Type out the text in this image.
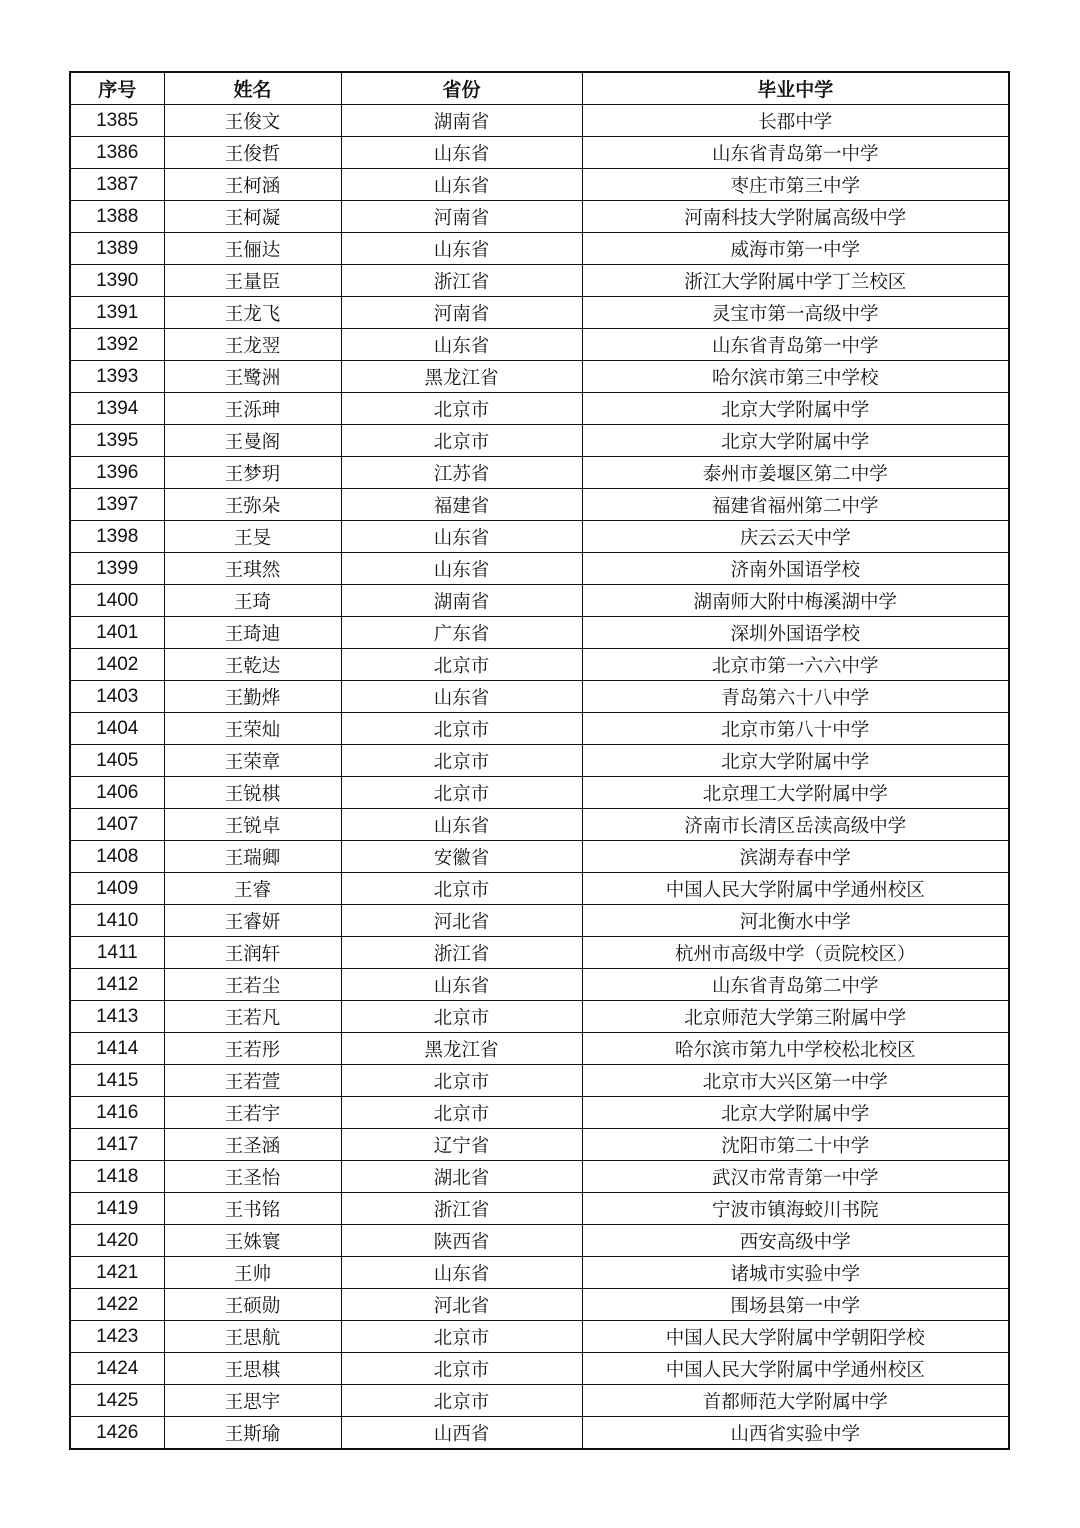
序号	姓名	省份	毕业中学
1385	王俊文	湖南省	长郡中学
1386	王俊哲	山东省	山东省青岛第一中学
1387	王柯涵	山东省	枣庄市第三中学
1388	王柯凝	河南省	河南科技大学附属高级中学
1389	王俪达	山东省	威海市第一中学
1390	王量臣	浙江省	浙江大学附属中学丁兰校区
1391	王龙飞	河南省	灵宝市第一高级中学
1392	王龙翌	山东省	山东省青岛第一中学
1393	王鹭洲	黑龙江省	哈尔滨市第三中学校
1394	王泺珅	北京市	北京大学附属中学
1395	王曼阁	北京市	北京大学附属中学
1396	王梦玥	江苏省	泰州市姜堰区第二中学
1397	王弥朵	福建省	福建省福州第二中学
1398	王旻	山东省	庆云云天中学
1399	王琪然	山东省	济南外国语学校
1400	王琦	湖南省	湖南师大附中梅溪湖中学
1401	王琦迪	广东省	深圳外国语学校
1402	王乾达	北京市	北京市第一六六中学
1403	王勤烨	山东省	青岛第六十八中学
1404	王荣灿	北京市	北京市第八十中学
1405	王荣章	北京市	北京大学附属中学
1406	王锐棋	北京市	北京理工大学附属中学
1407	王锐卓	山东省	济南市长清区岳渎高级中学
1408	王瑞卿	安徽省	滨湖寿春中学
1409	王睿	北京市	中国人民大学附属中学通州校区
1410	王睿妍	河北省	河北衡水中学
1411	王润轩	浙江省	杭州市高级中学（贡院校区）
1412	王若尘	山东省	山东省青岛第二中学
1413	王若凡	北京市	北京师范大学第三附属中学
1414	王若彤	黑龙江省	哈尔滨市第九中学校松北校区
1415	王若萱	北京市	北京市大兴区第一中学
1416	王若宇	北京市	北京大学附属中学
1417	王圣涵	辽宁省	沈阳市第二十中学
1418	王圣怡	湖北省	武汉市常青第一中学
1419	王书铭	浙江省	宁波市镇海蛟川书院
1420	王姝寰	陕西省	西安高级中学
1421	王帅	山东省	诸城市实验中学
1422	王硕勋	河北省	围场县第一中学
1423	王思航	北京市	中国人民大学附属中学朝阳学校
1424	王思棋	北京市	中国人民大学附属中学通州校区
1425	王思宇	北京市	首都师范大学附属中学
1426	王斯瑜	山西省	山西省实验中学
